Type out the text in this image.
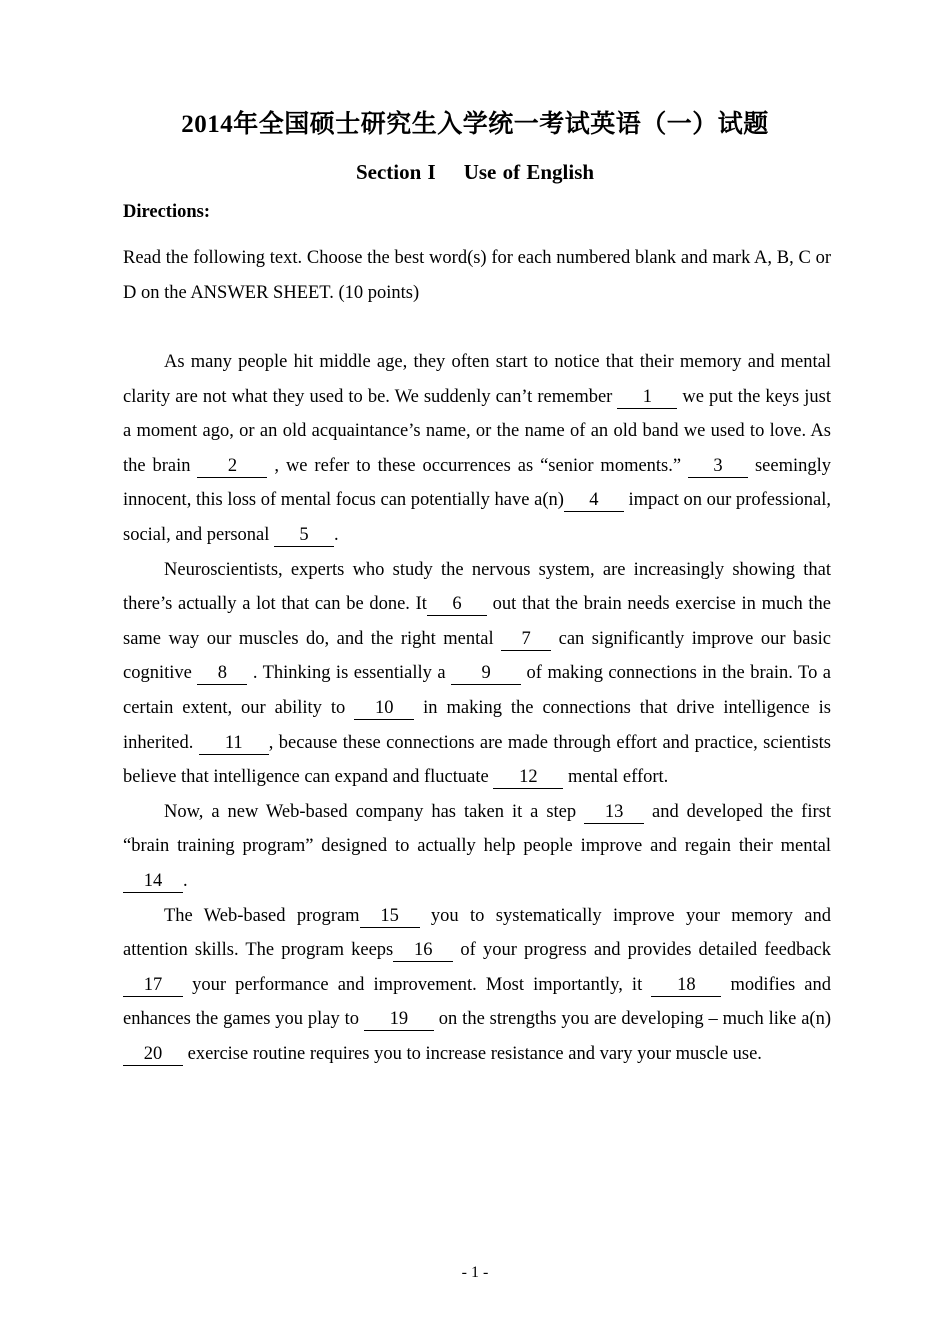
2014年全国硕士研究生入学统一考试英语（一）试题
Section I Use of English
Directions:
Read the following text. Choose the best word(s) for each numbered blank and mark A, B, C or D on the ANSWER SHEET. (10 points)

As many people hit middle age, they often start to notice that their memory and mental clarity are not what they used to be. We suddenly can’t remember 1 we put the keys just a moment ago, or an old acquaintance’s name, or the name of an old band we used to love. As the brain 2 , we refer to these occurrences as “senior moments.” 3 seemingly innocent, this loss of mental focus can potentially have a(n) 4 impact on our professional, social, and personal 5 .

Neuroscientists, experts who study the nervous system, are increasingly showing that there’s actually a lot that can be done. It 6 out that the brain needs exercise in much the same way our muscles do, and the right mental 7 can significantly improve our basic cognitive 8 . Thinking is essentially a 9 of making connections in the brain. To a certain extent, our ability to 10 in making the connections that drive intelligence is inherited. 11 , because these connections are made through effort and practice, scientists believe that intelligence can expand and fluctuate 12 mental effort.

Now, a new Web-based company has taken it a step 13 and developed the first “brain training program” designed to actually help people improve and regain their mental14 .

The Web-based program 15 you to systematically improve your memory and attention skills. The program keeps 16 of your progress and provides detailed feedback17 your performance and improvement. Most importantly, it 18 modifies and enhances the games you play to 19 on the strengths you are developing – much like a(n)20 exercise routine requires you to increase resistance and vary your muscle use.

- 1 -
